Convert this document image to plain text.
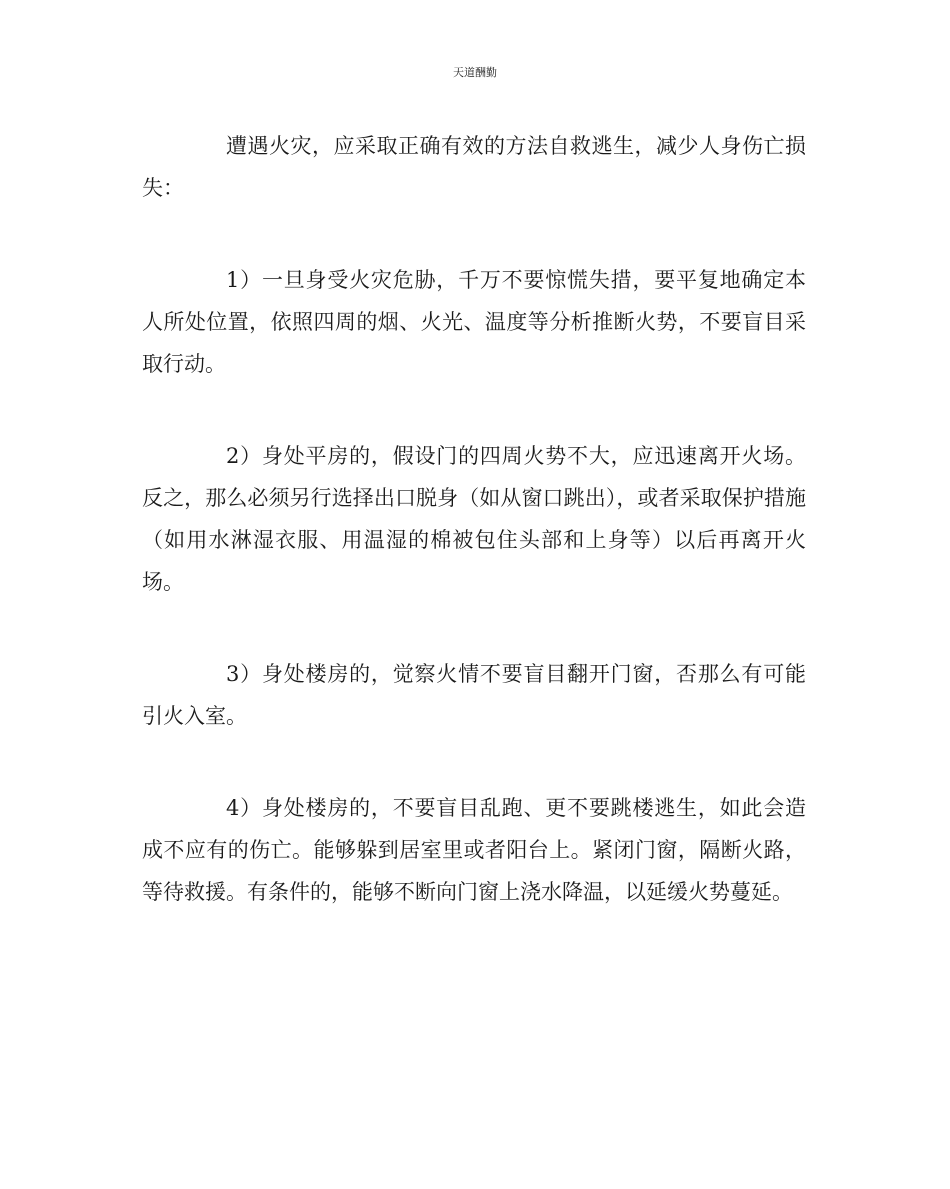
天道酬勤

遭遇火灾，应采取正确有效的方法自救逃生，减少人身伤亡损失：

1）一旦身受火灾危胁，千万不要惊慌失措，要平复地确定本人所处位置，依照四周的烟、火光、温度等分析推断火势，不要盲目采取行动。

2）身处平房的，假设门的四周火势不大，应迅速离开火场。反之，那么必须另行选择出口脱身（如从窗口跳出），或者采取保护措施（如用水淋湿衣服、用温湿的棉被包住头部和上身等）以后再离开火场。

3）身处楼房的，觉察火情不要盲目翻开门窗，否那么有可能引火入室。

4）身处楼房的，不要盲目乱跑、更不要跳楼逃生，如此会造成不应有的伤亡。能够躲到居室里或者阳台上。紧闭门窗，隔断火路，等待救援。有条件的，能够不断向门窗上浇水降温，以延缓火势蔓延。
